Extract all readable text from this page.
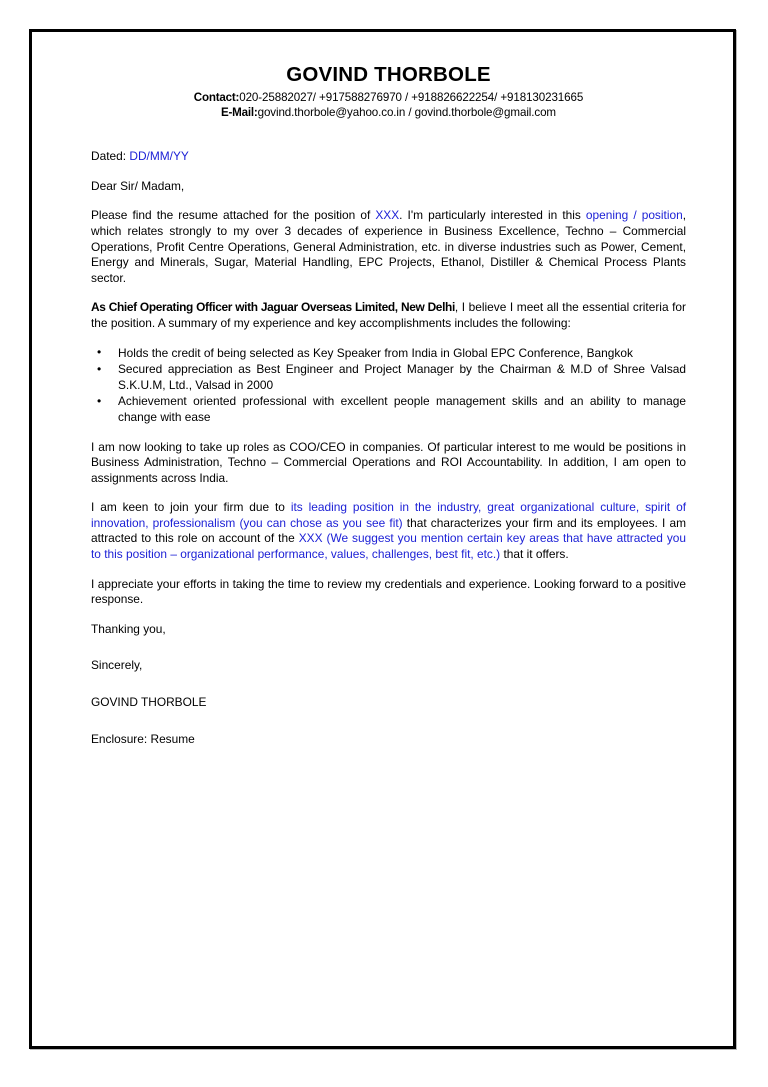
GOVIND THORBOLE
Contact:020-25882027/ +917588276970 / +918826622254/ +918130231665
E-Mail:govind.thorbole@yahoo.co.in / govind.thorbole@gmail.com

Dated: DD/MM/YY

Dear Sir/ Madam,

Please find the resume attached for the position of XXX. I'm particularly interested in this opening / position, which relates strongly to my over 3 decades of experience in Business Excellence, Techno – Commercial Operations, Profit Centre Operations, General Administration, etc. in diverse industries such as Power, Cement, Energy and Minerals, Sugar, Material Handling, EPC Projects, Ethanol, Distiller & Chemical Process Plants sector.

As Chief Operating Officer with Jaguar Overseas Limited, New Delhi, I believe I meet all the essential criteria for the position. A summary of my experience and key accomplishments includes the following:

• Holds the credit of being selected as Key Speaker from India in Global EPC Conference, Bangkok
• Secured appreciation as Best Engineer and Project Manager by the Chairman & M.D of Shree Valsad S.K.U.M, Ltd., Valsad in 2000
• Achievement oriented professional with excellent people management skills and an ability to manage change with ease

I am now looking to take up roles as COO/CEO in companies. Of particular interest to me would be positions in Business Administration, Techno – Commercial Operations and ROI Accountability. In addition, I am open to assignments across India.

I am keen to join your firm due to its leading position in the industry, great organizational culture, spirit of innovation, professionalism (you can chose as you see fit) that characterizes your firm and its employees. I am attracted to this role on account of the XXX (We suggest you mention certain key areas that have attracted you to this position – organizational performance, values, challenges, best fit, etc.) that it offers.

I appreciate your efforts in taking the time to review my credentials and experience. Looking forward to a positive response.

Thanking you,

Sincerely,

GOVIND THORBOLE

Enclosure: Resume
